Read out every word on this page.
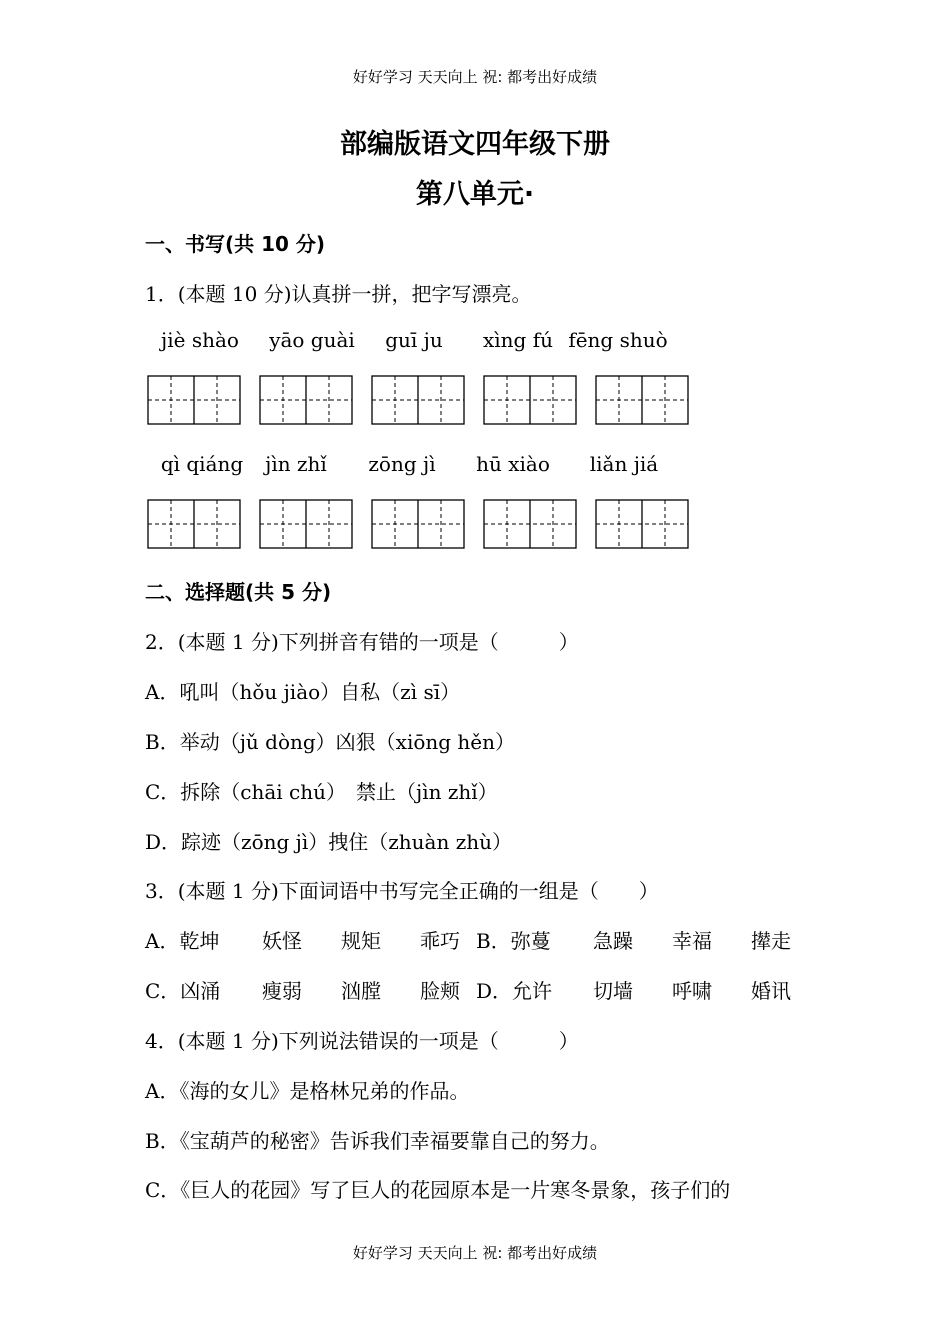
好好学习 天天向上 祝: 都考出好成绩
部编版语文四年级下册
第八单元·
一、书写(共 10 分)
1．(本题 10 分)认真拼一拼，把字写漂亮。
jiè shào	yāo guài	guī ju	xìng fú fēng shuò
qì qiáng	jìn zhǐ	zōng jì	hū xiào	liǎn jiá
二、选择题(共 5 分)
2．(本题 1 分)下列拼音有错的一项是（　　　）
A．吼叫（hǒu jiào）自私（zì sī）
B．举动（jǔ dòng）凶狠（xiōng hěn）
C．拆除（chāi chú）　禁止（jìn zhǐ）
D．踪迹（zōng jì）拽住（zhuàn zhù）
3．(本题 1 分)下面词语中书写完全正确的一组是（　　）
A．乾坤 妖怪 规矩 乖巧 B．弥蔓 急躁 幸福 撵走
C．凶涌 瘦弱 汹膛 脸颊 D．允许 切墙 呼啸 婚讯
4．(本题 1 分)下列说法错误的一项是（　　　）
A．《海的女儿》是格林兄弟的作品。
B．《宝葫芦的秘密》告诉我们幸福要靠自己的努力。
C．《巨人的花园》写了巨人的花园原本是一片寒冬景象，孩子们的
好好学习 天天向上 祝: 都考出好成绩
